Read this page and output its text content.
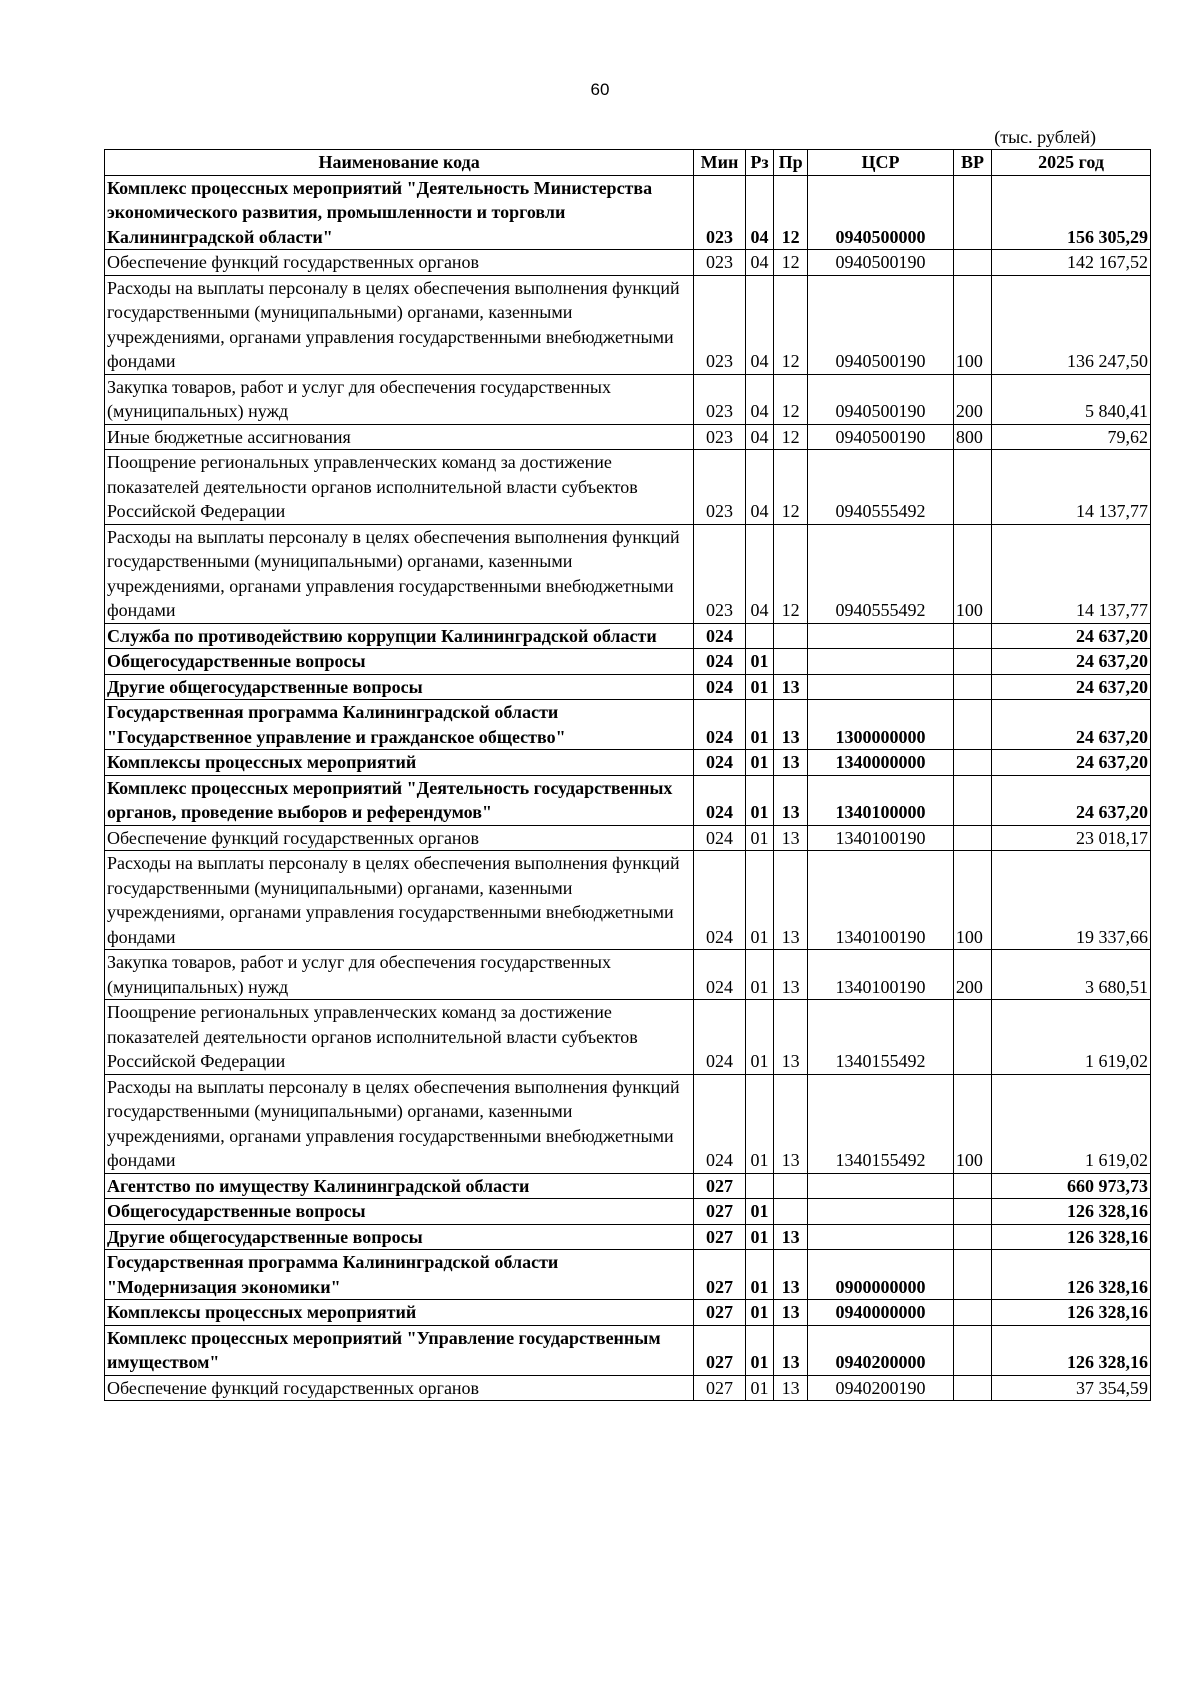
60
(тыс. рублей)
Наименование кода	Мин	Рз	Пр	ЦСР	ВР	2025 год
Комплекс процессных мероприятий "Деятельность Министерства экономического развития, промышленности и торговли Калининградской области"	023	04	12	0940500000		156 305,29
Обеспечение функций государственных органов	023	04	12	0940500190		142 167,52
Расходы на выплаты персоналу в целях обеспечения выполнения функций государственными (муниципальными) органами, казенными учреждениями, органами управления государственными внебюджетными фондами	023	04	12	0940500190	100	136 247,50
Закупка товаров, работ и услуг для обеспечения государственных (муниципальных) нужд	023	04	12	0940500190	200	5 840,41
Иные бюджетные ассигнования	023	04	12	0940500190	800	79,62
Поощрение региональных управленческих команд за достижение показателей деятельности органов исполнительной власти субъектов Российской Федерации	023	04	12	0940555492		14 137,77
Расходы на выплаты персоналу в целях обеспечения выполнения функций государственными (муниципальными) органами, казенными учреждениями, органами управления государственными внебюджетными фондами	023	04	12	0940555492	100	14 137,77
Служба по противодействию коррупции Калининградской области	024					24 637,20
Общегосударственные вопросы	024	01				24 637,20
Другие общегосударственные вопросы	024	01	13			24 637,20
Государственная программа Калининградской области "Государственное управление и гражданское общество"	024	01	13	1300000000		24 637,20
Комплексы процессных мероприятий	024	01	13	1340000000		24 637,20
Комплекс процессных мероприятий "Деятельность государственных органов, проведение выборов и референдумов"	024	01	13	1340100000		24 637,20
Обеспечение функций государственных органов	024	01	13	1340100190		23 018,17
Расходы на выплаты персоналу в целях обеспечения выполнения функций государственными (муниципальными) органами, казенными учреждениями, органами управления государственными внебюджетными фондами	024	01	13	1340100190	100	19 337,66
Закупка товаров, работ и услуг для обеспечения государственных (муниципальных) нужд	024	01	13	1340100190	200	3 680,51
Поощрение региональных управленческих команд за достижение показателей деятельности органов исполнительной власти субъектов Российской Федерации	024	01	13	1340155492		1 619,02
Расходы на выплаты персоналу в целях обеспечения выполнения функций государственными (муниципальными) органами, казенными учреждениями, органами управления государственными внебюджетными фондами	024	01	13	1340155492	100	1 619,02
Агентство по имуществу Калининградской области	027					660 973,73
Общегосударственные вопросы	027	01				126 328,16
Другие общегосударственные вопросы	027	01	13			126 328,16
Государственная программа Калининградской области "Модернизация экономики"	027	01	13	0900000000		126 328,16
Комплексы процессных мероприятий	027	01	13	0940000000		126 328,16
Комплекс процессных мероприятий "Управление государственным имуществом"	027	01	13	0940200000		126 328,16
Обеспечение функций государственных органов	027	01	13	0940200190		37 354,59
